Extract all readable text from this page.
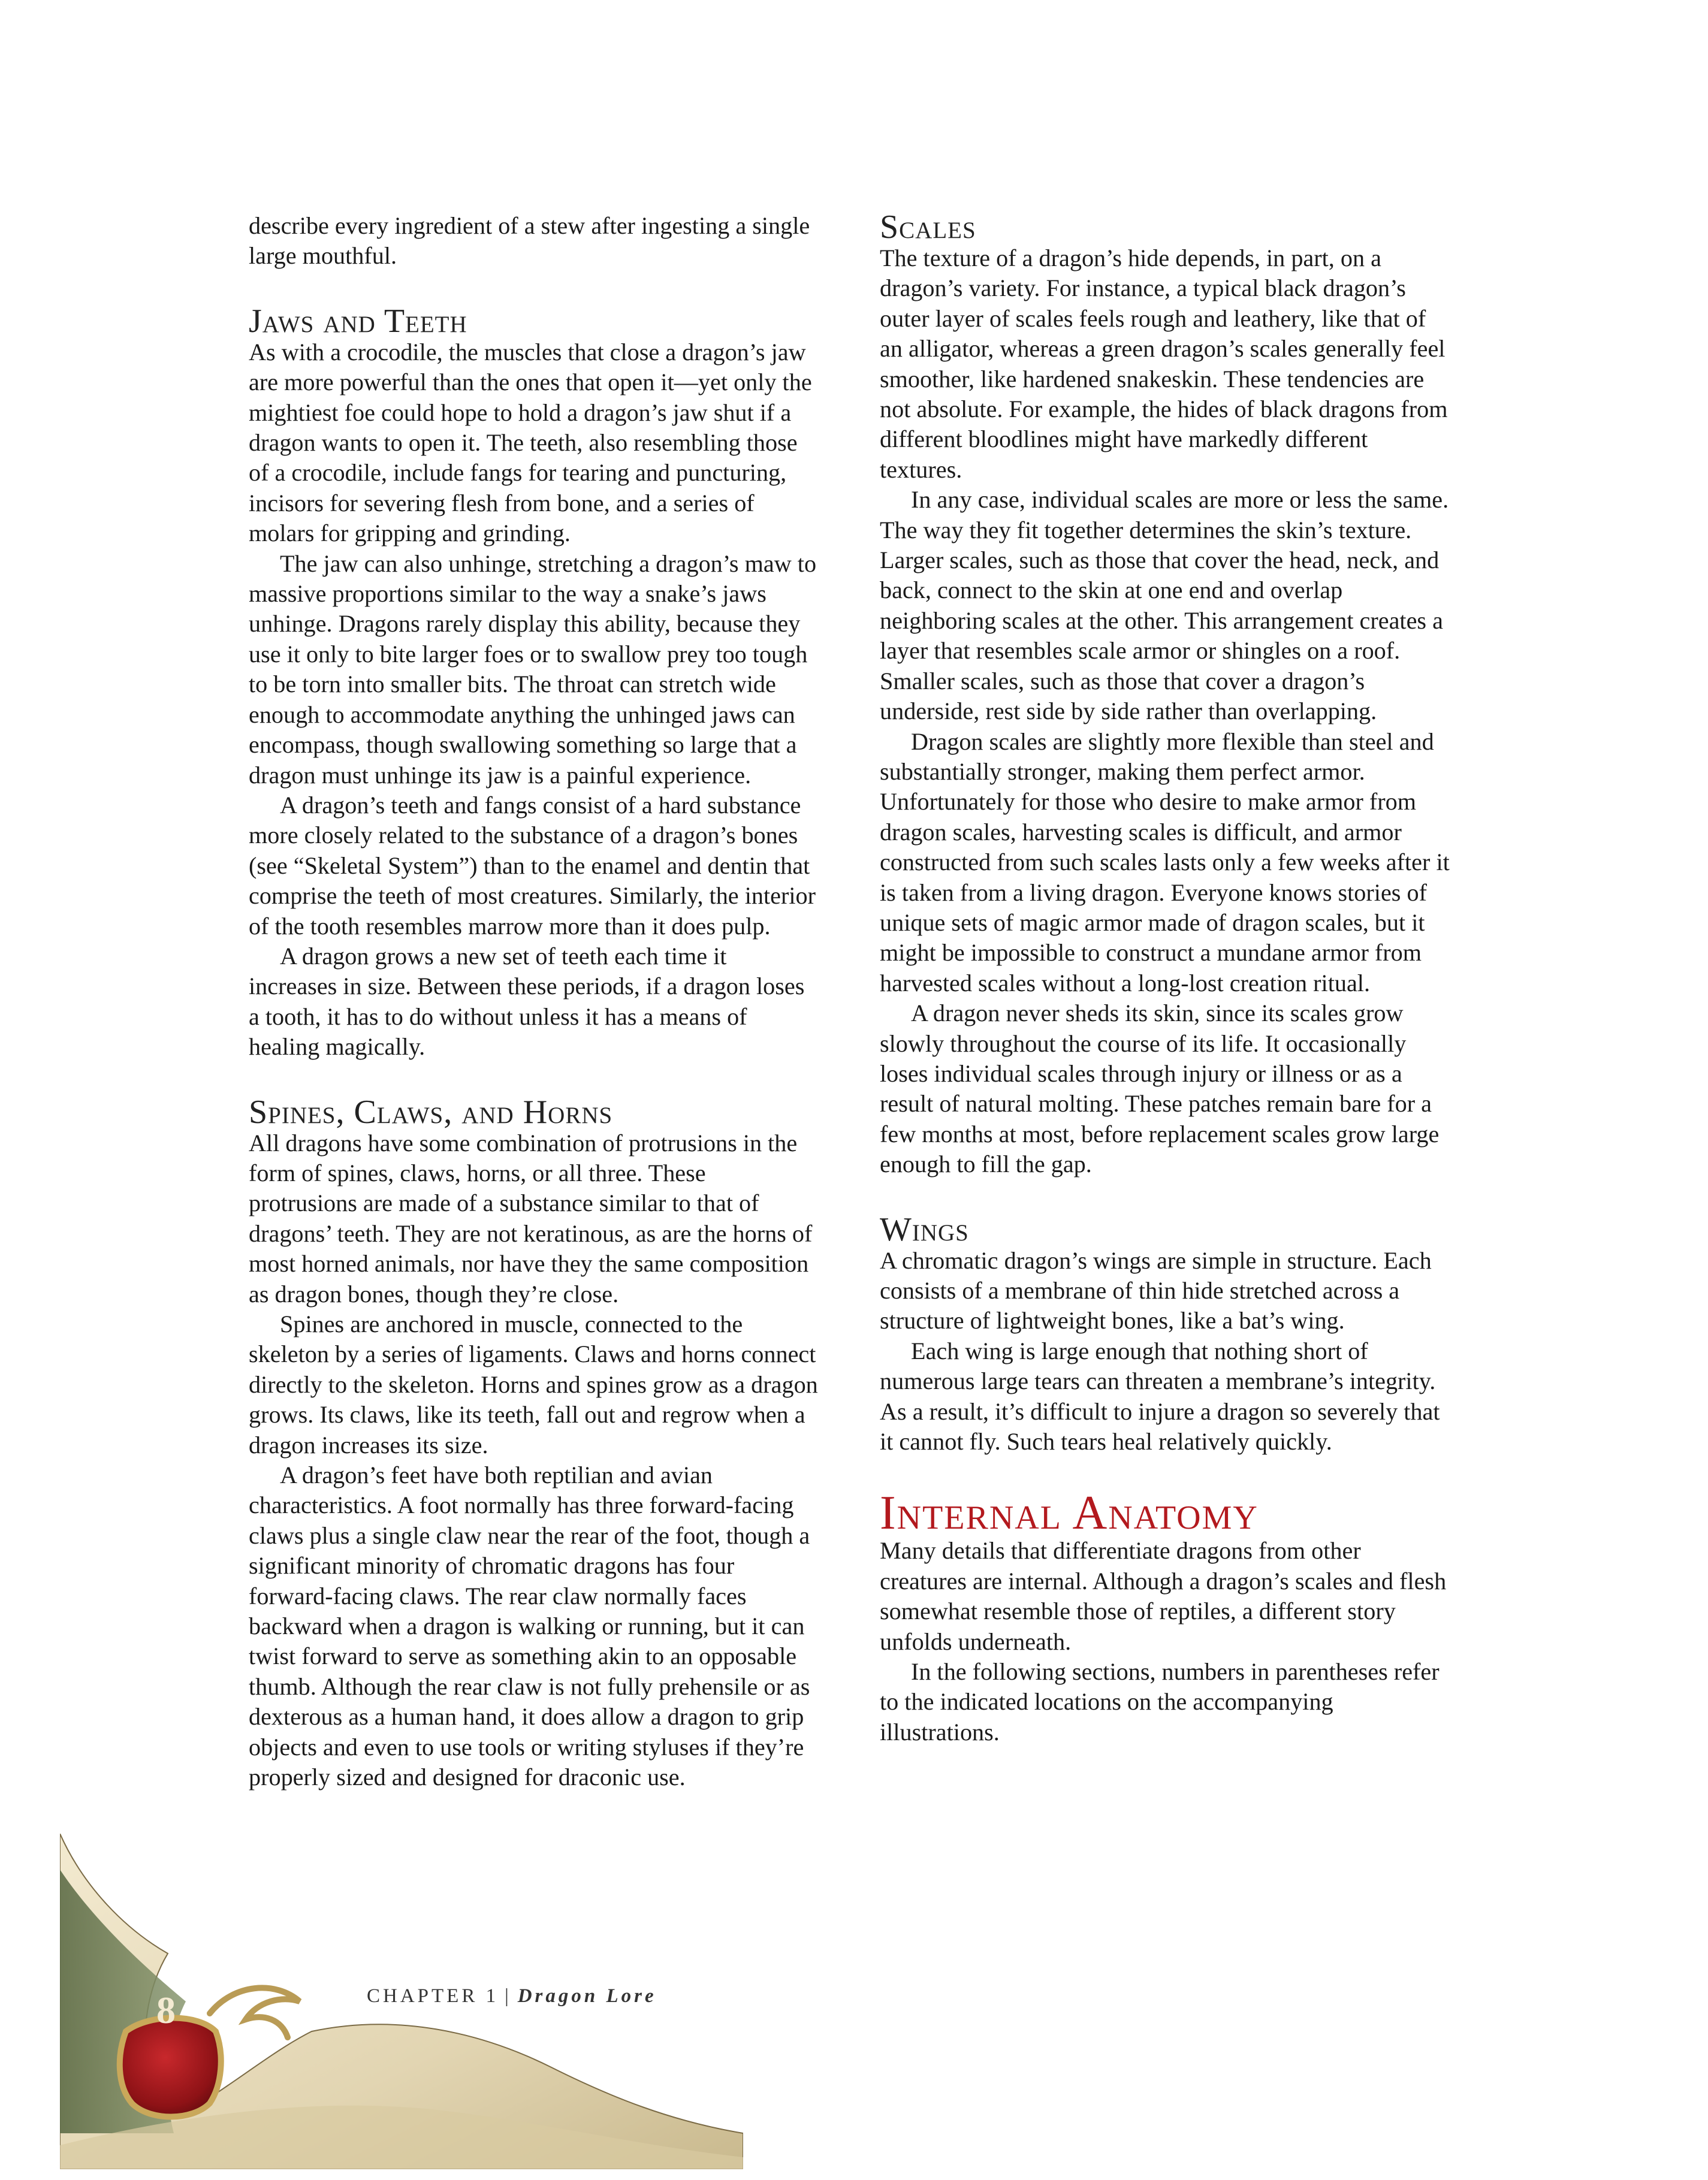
describe every ingredient of a stew after ingesting a single large mouthful.

Jaws and Teeth

As with a crocodile, the muscles that close a dragon’s jaw are more powerful than the ones that open it—yet only the mightiest foe could hope to hold a dragon’s jaw shut if a dragon wants to open it. The teeth, also resembling those of a crocodile, include fangs for tearing and puncturing, incisors for severing flesh from bone, and a series of molars for gripping and grinding.

The jaw can also unhinge, stretching a dragon’s maw to massive proportions similar to the way a snake’s jaws unhinge. Dragons rarely display this ability, because they use it only to bite larger foes or to swallow prey too tough to be torn into smaller bits. The throat can stretch wide enough to accommodate anything the unhinged jaws can encompass, though swallowing something so large that a dragon must unhinge its jaw is a painful experience.

A dragon’s teeth and fangs consist of a hard substance more closely related to the substance of a dragon’s bones (see “Skeletal System”) than to the enamel and dentin that comprise the teeth of most creatures. Similarly, the interior of the tooth resembles marrow more than it does pulp.

A dragon grows a new set of teeth each time it increases in size. Between these periods, if a dragon loses a tooth, it has to do without unless it has a means of healing magically.

Spines, Claws, and Horns

All dragons have some combination of protrusions in the form of spines, claws, horns, or all three. These protrusions are made of a substance similar to that of dragons’ teeth. They are not keratinous, as are the horns of most horned animals, nor have they the same composition as dragon bones, though they’re close.

Spines are anchored in muscle, connected to the skeleton by a series of ligaments. Claws and horns connect directly to the skeleton. Horns and spines grow as a dragon grows. Its claws, like its teeth, fall out and regrow when a dragon increases its size.

A dragon’s feet have both reptilian and avian characteristics. A foot normally has three forward-facing claws plus a single claw near the rear of the foot, though a significant minority of chromatic dragons has four forward-facing claws. The rear claw normally faces backward when a dragon is walking or running, but it can twist forward to serve as something akin to an opposable thumb. Although the rear claw is not fully prehensile or as dexterous as a human hand, it does allow a dragon to grip objects and even to use tools or writing styluses if they’re properly sized and designed for draconic use.

Scales

The texture of a dragon’s hide depends, in part, on a dragon’s variety. For instance, a typical black dragon’s outer layer of scales feels rough and leathery, like that of an alligator, whereas a green dragon’s scales generally feel smoother, like hardened snakeskin. These tendencies are not absolute. For example, the hides of black dragons from different bloodlines might have markedly different textures.

In any case, individual scales are more or less the same. The way they fit together determines the skin’s texture. Larger scales, such as those that cover the head, neck, and back, connect to the skin at one end and overlap neighboring scales at the other. This arrangement creates a layer that resembles scale armor or shingles on a roof. Smaller scales, such as those that cover a dragon’s underside, rest side by side rather than overlapping.

Dragon scales are slightly more flexible than steel and substantially stronger, making them perfect armor. Unfortunately for those who desire to make armor from dragon scales, harvesting scales is difficult, and armor constructed from such scales lasts only a few weeks after it is taken from a living dragon. Everyone knows stories of unique sets of magic armor made of dragon scales, but it might be impossible to construct a mundane armor from harvested scales without a long-lost creation ritual.

A dragon never sheds its skin, since its scales grow slowly throughout the course of its life. It occasionally loses individual scales through injury or illness or as a result of natural molting. These patches remain bare for a few months at most, before replacement scales grow large enough to fill the gap.

Wings

A chromatic dragon’s wings are simple in structure. Each consists of a membrane of thin hide stretched across a structure of lightweight bones, like a bat’s wing.

Each wing is large enough that nothing short of numerous large tears can threaten a membrane’s integrity. As a result, it’s difficult to injure a dragon so severely that it cannot fly. Such tears heal relatively quickly.

Internal Anatomy

Many details that differentiate dragons from other creatures are internal. Although a dragon’s scales and flesh somewhat resemble those of reptiles, a different story unfolds underneath.

In the following sections, numbers in parentheses refer to the indicated locations on the accompanying illustrations.

8	CHAPTER 1 | Dragon Lore
